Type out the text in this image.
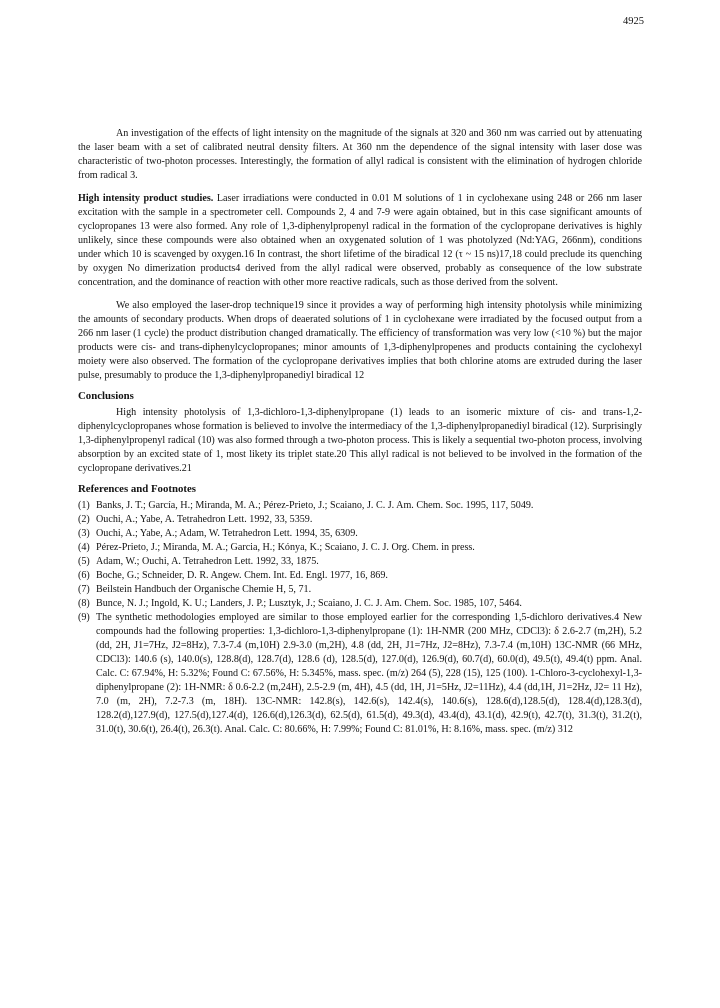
4925

An investigation of the effects of light intensity on the magnitude of the signals at 320 and 360 nm was carried out by attenuating the laser beam with a set of calibrated neutral density filters. At 360 nm the dependence of the signal intensity with laser dose was characteristic of two-photon processes. Interestingly, the formation of allyl radical is consistent with the elimination of hydrogen chloride from radical 3.

High intensity product studies. Laser irradiations were conducted in 0.01 M solutions of 1 in cyclohexane using 248 or 266 nm laser excitation with the sample in a spectrometer cell. Compounds 2, 4 and 7-9 were again obtained, but in this case significant amounts of cyclopropanes 13 were also formed. Any role of 1,3-diphenylpropenyl radical in the formation of the cyclopropane derivatives is highly unlikely, since these compounds were also obtained when an oxygenated solution of 1 was photolyzed (Nd:YAG, 266nm), conditions under which 10 is scavenged by oxygen.16 In contrast, the short lifetime of the biradical 12 (τ ~ 15 ns)17,18 could preclude its quenching by oxygen No dimerization products4 derived from the allyl radical were observed, probably as consequence of the low substrate concentration, and the dominance of reaction with other more reactive radicals, such as those derived from the solvent.

We also employed the laser-drop technique19 since it provides a way of performing high intensity photolysis while minimizing the amounts of secondary products. When drops of deaerated solutions of 1 in cyclohexane were irradiated by the focused output from a 266 nm laser (1 cycle) the product distribution changed dramatically. The efficiency of transformation was very low (<10 %) but the major products were cis- and trans-diphenylcyclopropanes; minor amounts of 1,3-diphenylpropenes and products containing the cyclohexyl moiety were also observed. The formation of the cyclopropane derivatives implies that both chlorine atoms are extruded during the laser pulse, presumably to produce the 1,3-diphenylpropanediyl biradical 12

Conclusions

High intensity photolysis of 1,3-dichloro-1,3-diphenylpropane (1) leads to an isomeric mixture of cis- and trans-1,2-diphenylcyclopropanes whose formation is believed to involve the intermediacy of the 1,3-diphenylpropanediyl biradical (12). Surprisingly 1,3-diphenylpropenyl radical (10) was also formed through a two-photon process. This is likely a sequential two-photon process, involving absorption by an excited state of 1, most likety its triplet state.20 This allyl radical is not believed to be involved in the formation of the cyclopropane derivatives.21

References and Footnotes
(1) Banks, J. T.; García, H.; Miranda, M. A.; Pérez-Prieto, J.; Scaiano, J. C. J. Am. Chem. Soc. 1995, 117, 5049.
(2) Ouchi, A.; Yabe, A. Tetrahedron Lett. 1992, 33, 5359.
(3) Ouchi, A.; Yabe, A.; Adam, W. Tetrahedron Lett. 1994, 35, 6309.
(4) Pérez-Prieto, J.; Miranda, M. A.; Garcia, H.; Kónya, K.; Scaiano, J. C. J. Org. Chem. in press.
(5) Adam, W.; Ouchi, A. Tetrahedron Lett. 1992, 33, 1875.
(6) Boche, G.; Schneider, D. R. Angew. Chem. Int. Ed. Engl. 1977, 16, 869.
(7) Beilstein Handbuch der Organische Chemie H, 5, 71.
(8) Bunce, N. J.; Ingold, K. U.; Landers, J. P.; Lusztyk, J.; Scaiano, J. C. J. Am. Chem. Soc. 1985, 107, 5464.
(9) The synthetic methodologies employed are similar to those employed earlier for the corresponding 1,5-dichloro derivatives.4 New compounds had the following properties: 1,3-dichloro-1,3-diphenylpropane (1): 1H-NMR (200 MHz, CDCl3): δ 2.6-2.7 (m,2H), 5.2 (dd, 2H, J1=7Hz, J2=8Hz), 7.3-7.4 (m,10H) 2.9-3.0 (m,2H), 4.8 (dd, 2H, J1=7Hz, J2=8Hz), 7.3-7.4 (m,10H) 13C-NMR (66 MHz, CDCl3): 140.6 (s), 140.0(s), 128.8(d), 128.7(d), 128.6 (d), 128.5(d), 127.0(d), 126.9(d), 60.7(d), 60.0(d), 49.5(t), 49.4(t) ppm. Anal. Calc. C: 67.94%, H: 5.32%; Found C: 67.56%, H: 5.345%, mass. spec. (m/z) 264 (5), 228 (15), 125 (100). 1-Chloro-3-cyclohexyl-1,3-diphenylpropane (2): 1H-NMR: δ 0.6-2.2 (m,24H), 2.5-2.9 (m, 4H), 4.5 (dd, 1H, J1=5Hz, J2=11Hz), 4.4 (dd,1H, J1=2Hz, J2= 11 Hz), 7.0 (m, 2H), 7.2-7.3 (m, 18H). 13C-NMR: 142.8(s), 142.6(s), 142.4(s), 140.6(s), 128.6(d),128.5(d), 128.4(d),128.3(d), 128.2(d),127.9(d), 127.5(d),127.4(d), 126.6(d),126.3(d), 62.5(d), 61.5(d), 49.3(d), 43.4(d), 43.1(d), 42.9(t), 42.7(t), 31.3(t), 31.2(t), 31.0(t), 30.6(t), 26.4(t), 26.3(t). Anal. Calc. C: 80.66%, H: 7.99%; Found C: 81.01%, H: 8.16%, mass. spec. (m/z) 312
